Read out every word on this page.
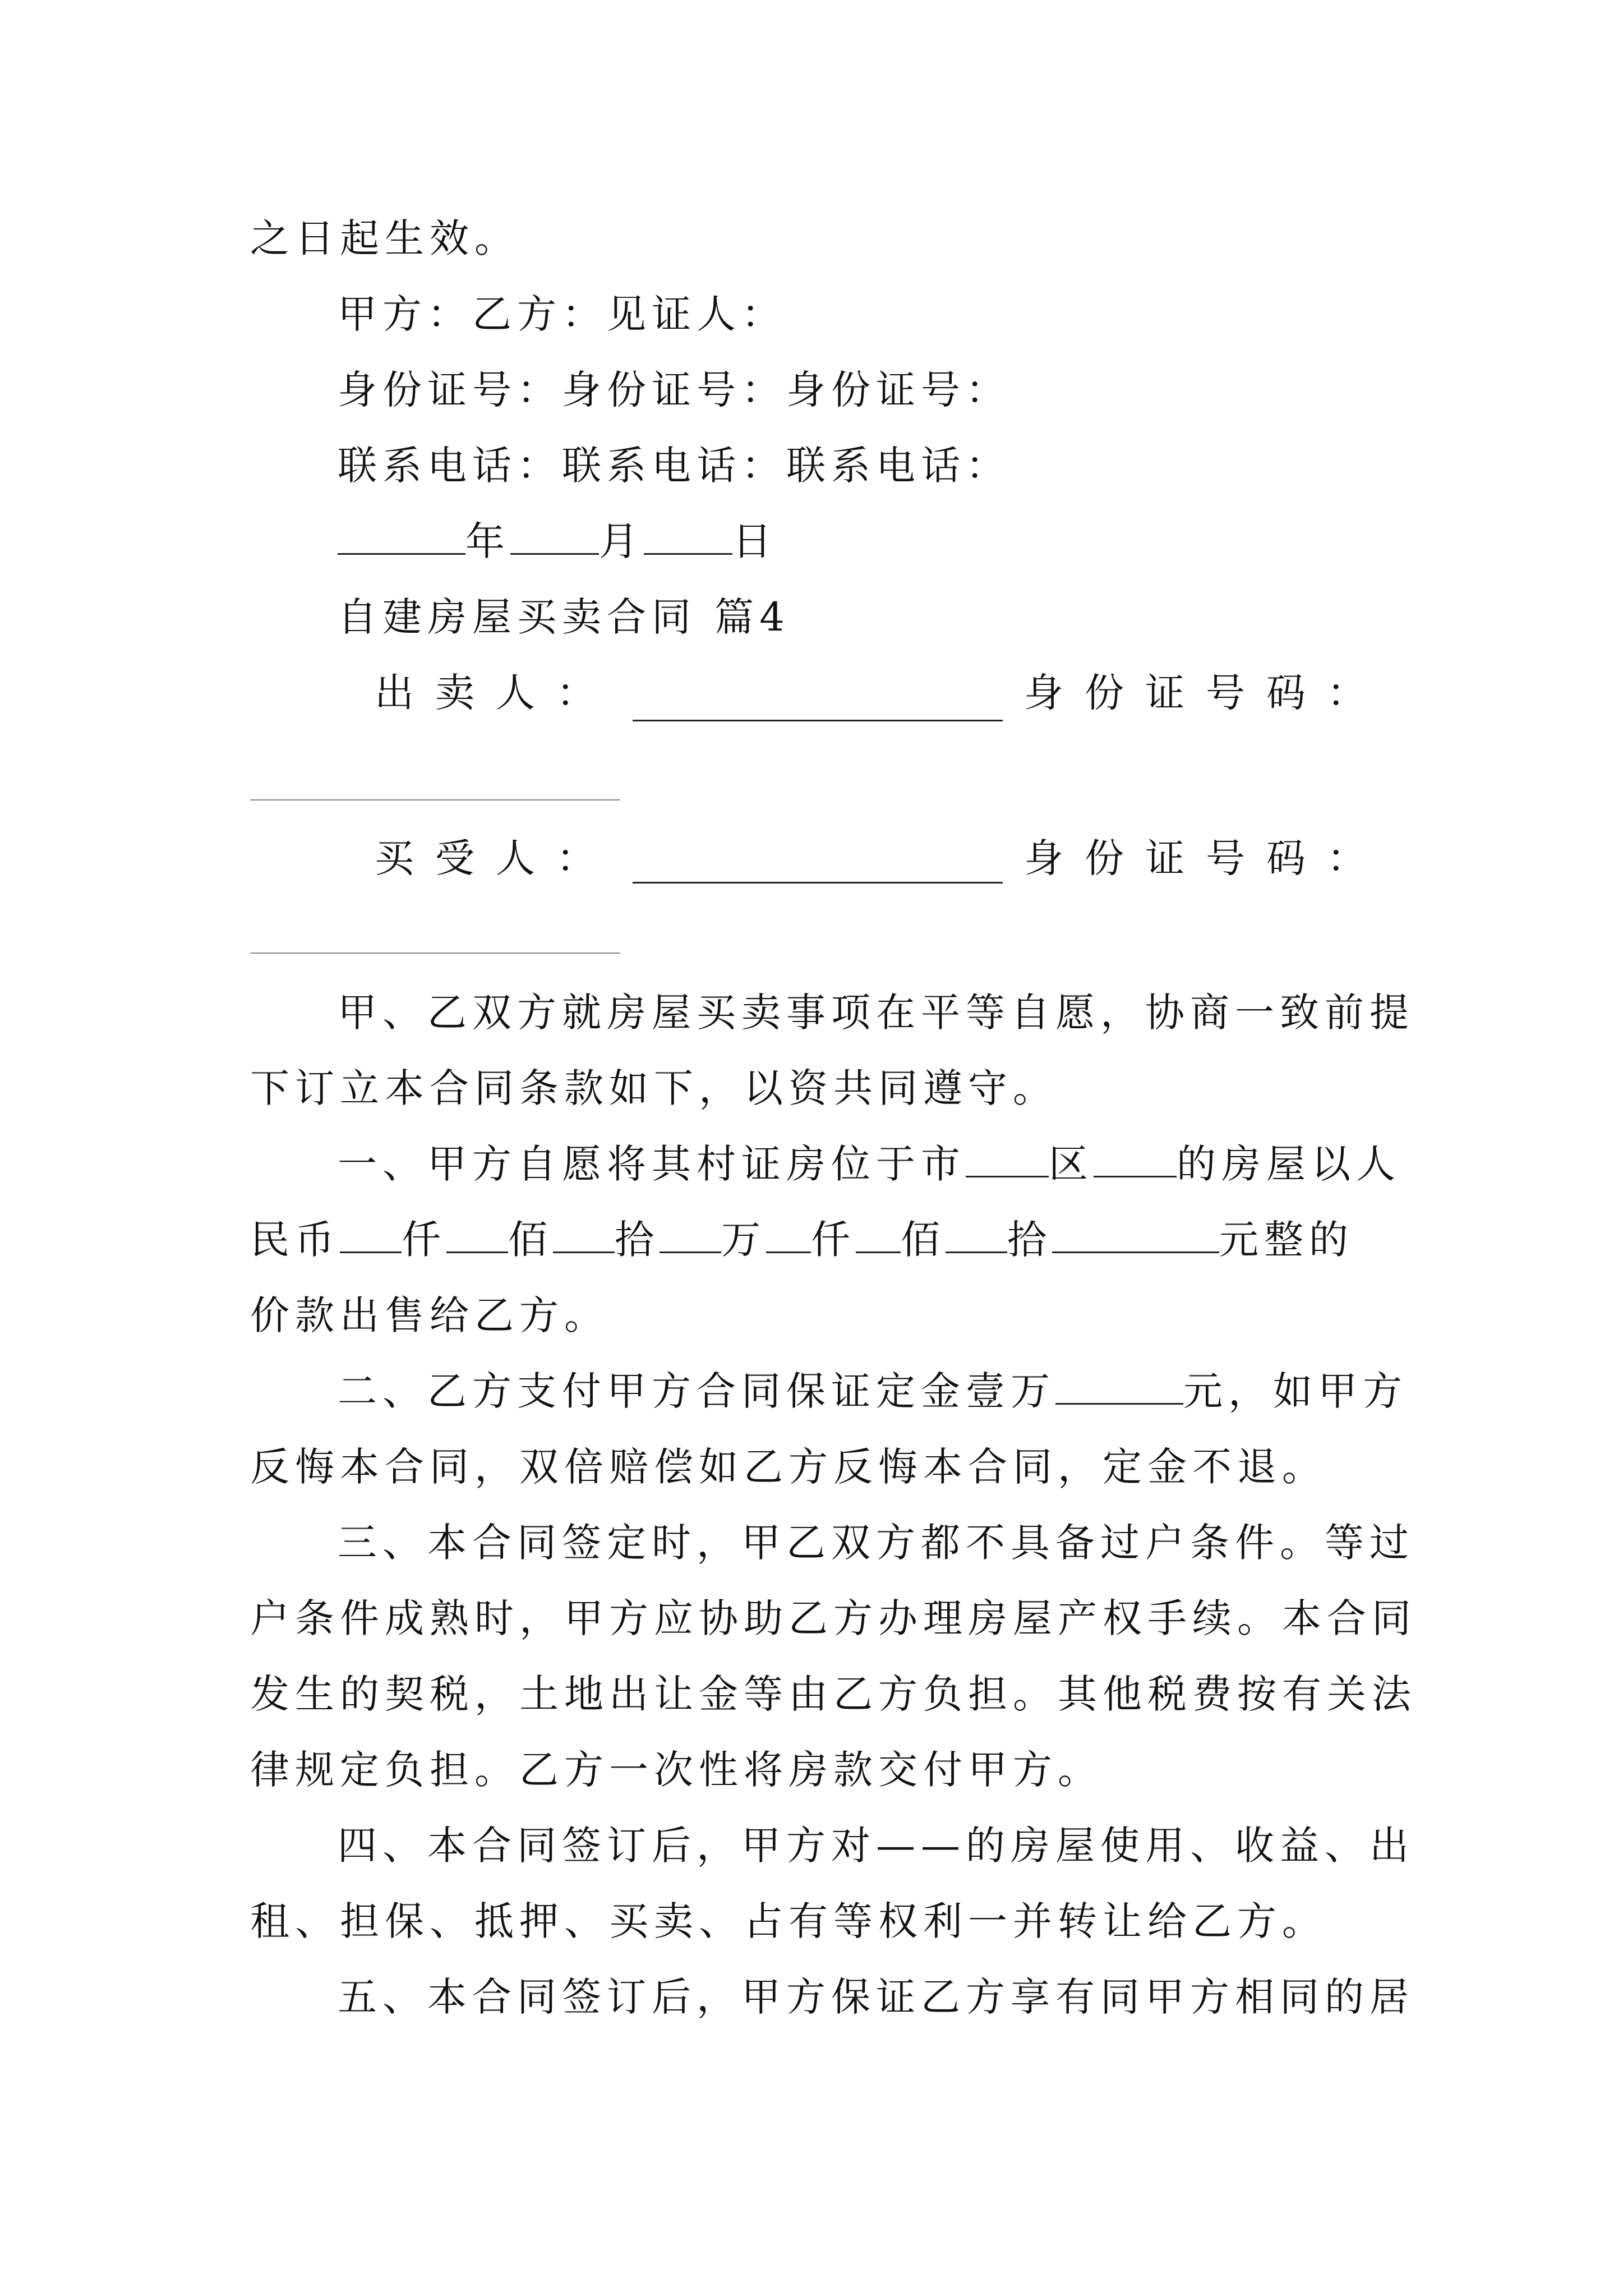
之日起生效。
甲方：乙方：见证人：
身份证号：身份证号：身份证号：
联系电话：联系电话：联系电话：
年 月 日
自建房屋买卖合同 篇4
出卖人：	身份证号码：
买受人：	身份证号码：
甲、乙双方就房屋买卖事项在平等自愿，协商一致前提
下订立本合同条款如下，以资共同遵守。
一、甲方自愿将其村证房位于市 区 的房屋以人
民币 仟 佰 拾 万 仟 佰 拾	元整的
价款出售给乙方。
二、乙方支付甲方合同保证定金壹万	元，如甲方
反悔本合同，双倍赔偿如乙方反悔本合同，定金不退。
三、本合同签定时，甲乙双方都不具备过户条件。等过
户条件成熟时，甲方应协助乙方办理房屋产权手续。本合同
发生的契税，土地出让金等由乙方负担。其他税费按有关法
律规定负担。乙方一次性将房款交付甲方。
四、本合同签订后，甲方对——的房屋使用、收益、出
租、担保、抵押、买卖、占有等权利一并转让给乙方。
五、本合同签订后，甲方保证乙方享有同甲方相同的居
